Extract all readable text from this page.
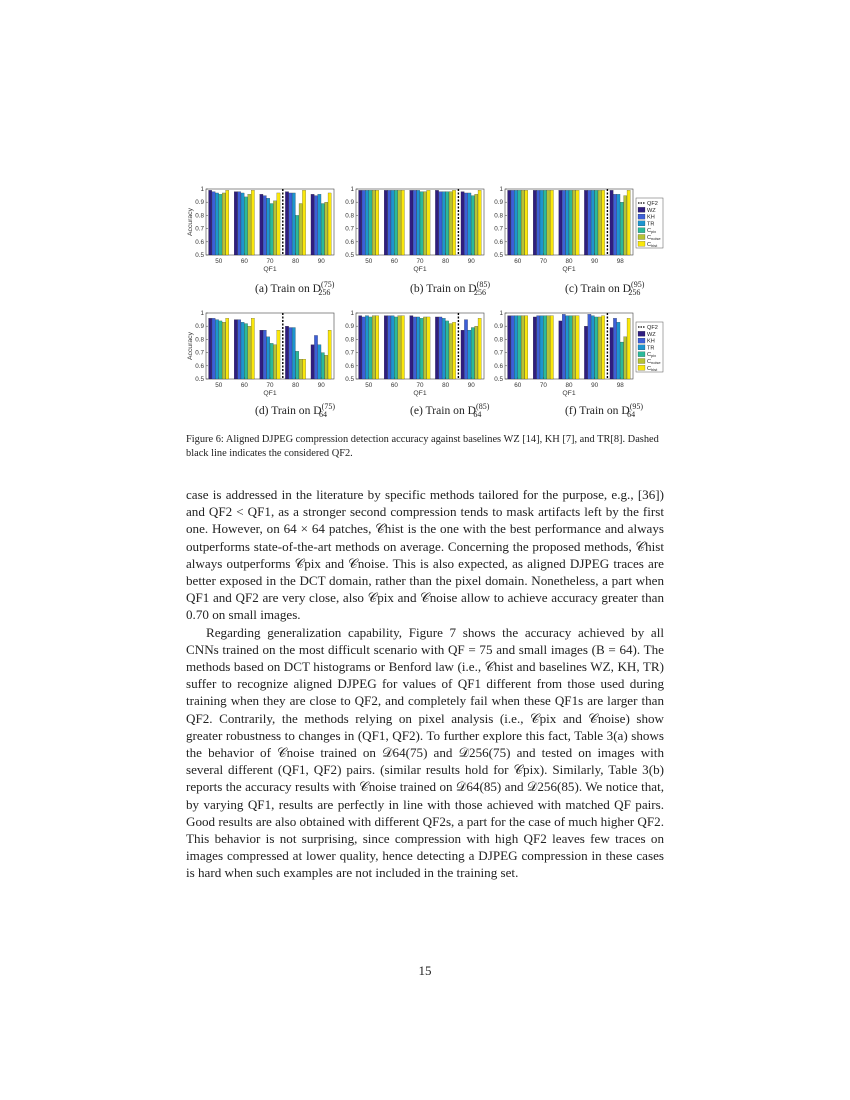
0.5
0.6
0.7
0.8
0.9
1
50	60	70	80	90
QF1
Accuracy
(a) Train on $D^{(75)}$ 256
0.5
0.6
0.7
0.8
0.9
1
50	60	70	80	90
QF1
(b) Train on $D^{(85)}$ 256
0.5
0.6
0.7
0.8
0.9
1
60	70	80	90	98
QF1
(c) Train on $D^{(95)}$ 256
QF2
WZ
KH
TR
Cpix
Cnoise
Chist
0.5
0.6
0.7
0.8
0.9
1
50	60	70	80	90
QF1
Accuracy
(d) Train on $D^{(75)}$ 64
0.5
0.6
0.7
0.8
0.9
1
50	60	70	80	90
QF1
(e) Train on $D^{(85)}$ 64
0.5
0.6
0.7
0.8
0.9
1
60	70	80	90	98
QF1
(f) Train on $D^{(95)}$ 64
QF2
WZ
KH
TR
Cpix
Cnoise
Chist
Figure 6: Aligned DJPEG compression detection accuracy against baselines WZ [14], KH [7], and TR[8]. Dashed black line indicates the considered QF2.

case is addressed in the literature by specific methods tailored for the purpose, e.g., [36]) and QF2 < QF1, as a stronger second compression tends to mask artifacts left by the first one. However, on 64 × 64 patches, 𝒞hist is the one with the best performance and always outperforms state-of-the-art methods on average. Concerning the proposed methods, 𝒞hist always outperforms 𝒞pix and 𝒞noise. This is also expected, as aligned DJPEG traces are better exposed in the DCT domain, rather than the pixel domain. Nonetheless, a part when QF1 and QF2 are very close, also 𝒞pix and 𝒞noise allow to achieve accuracy greater than 0.70 on small images.

Regarding generalization capability, Figure 7 shows the accuracy achieved by all CNNs trained on the most difficult scenario with QF = 75 and small images (B = 64). The methods based on DCT histograms or Benford law (i.e., 𝒞hist and baselines WZ, KH, TR) suffer to recognize aligned DJPEG for values of QF1 different from those used during training when they are close to QF2, and completely fail when these QF1s are larger than QF2. Contrarily, the methods relying on pixel analysis (i.e., 𝒞pix and 𝒞noise) show greater robustness to changes in (QF1, QF2). To further explore this fact, Table 3(a) shows the behavior of 𝒞noise trained on 𝒟64(75) and 𝒟256(75) and tested on images with several different (QF1, QF2) pairs. (similar results hold for 𝒞pix). Similarly, Table 3(b) reports the accuracy results with 𝒞noise trained on 𝒟64(85) and 𝒟256(85). We notice that, by varying QF1, results are perfectly in line with those achieved with matched QF pairs. Good results are also obtained with different QF2s, a part for the case of much higher QF2. This behavior is not surprising, since compression with high QF2 leaves few traces on images compressed at lower quality, hence detecting a DJPEG compression in these cases is hard when such examples are not included in the training set.

15
